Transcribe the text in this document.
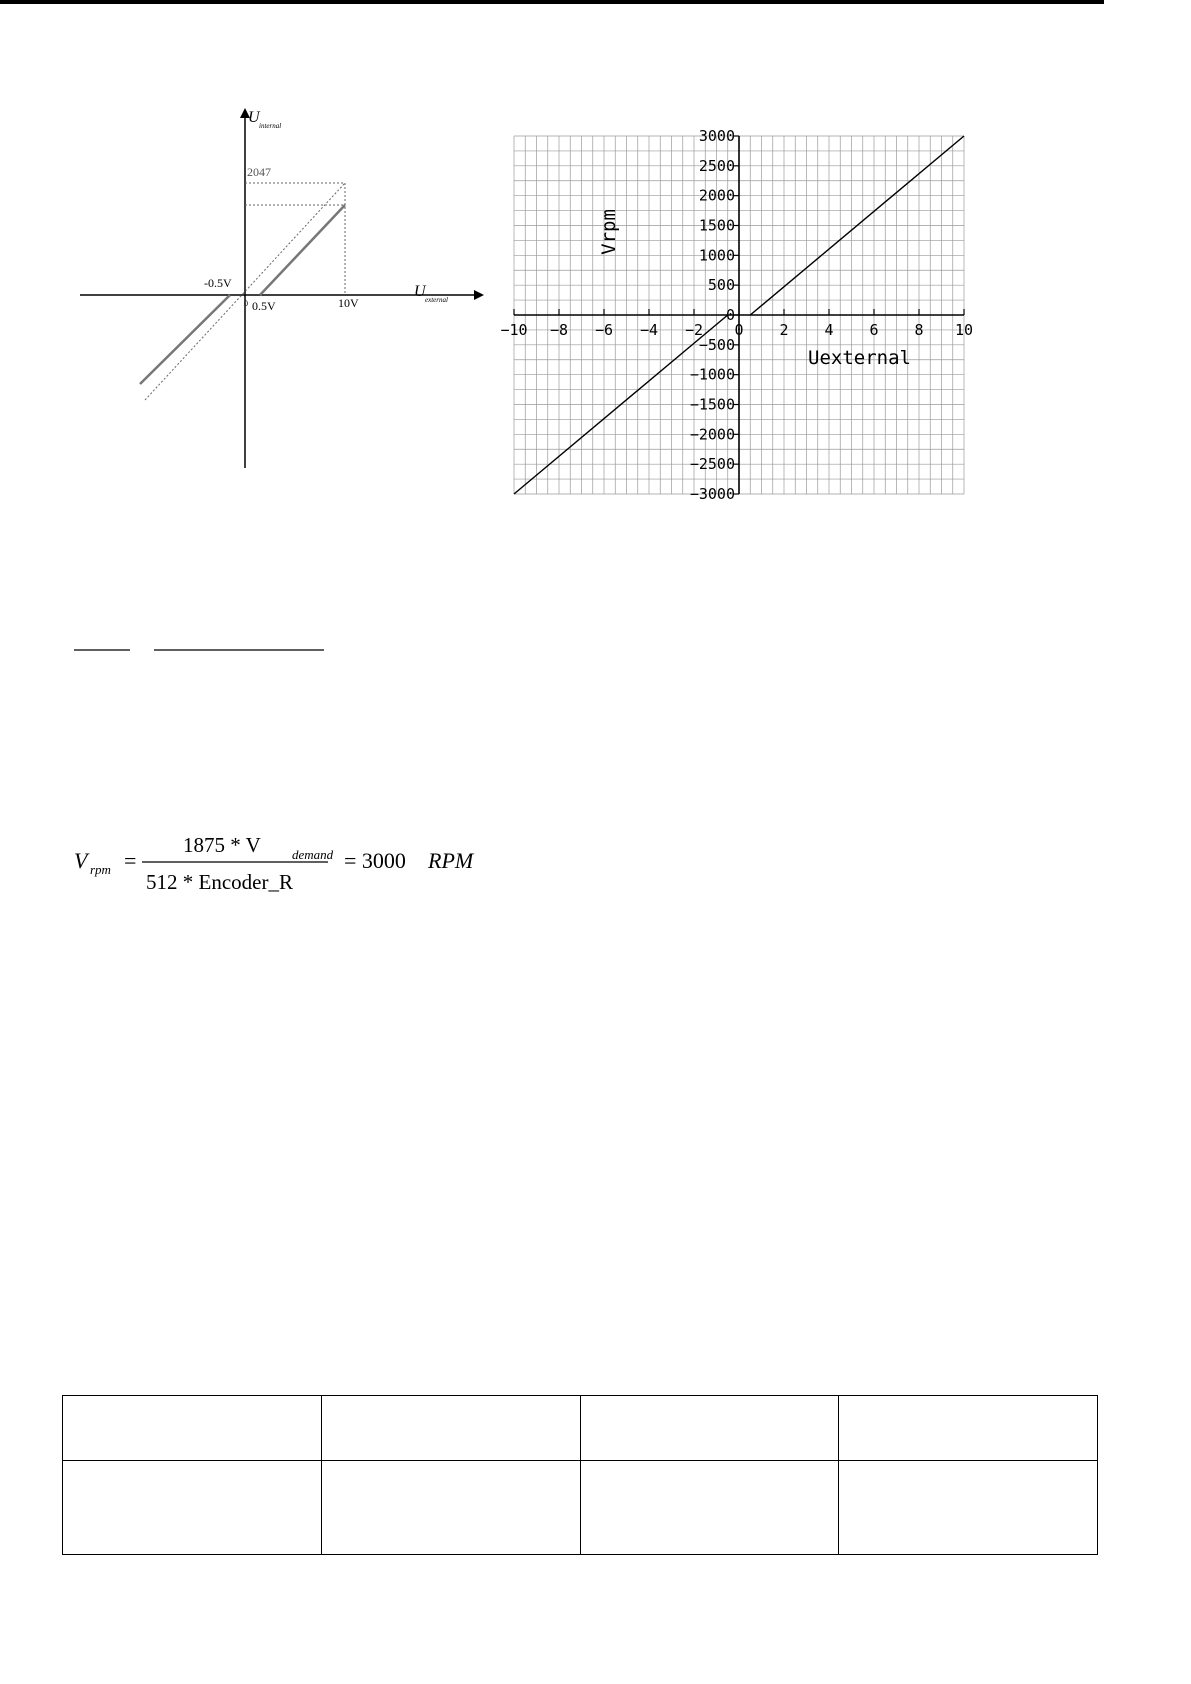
U internal
U external
2047
-0.5V
0 0.5V	10V
−10 −8 −6 −4 −2 0 2 4 6 8 10
3000
2500
2000
1500
1000
500
0
−500
−1000
−1500
−2000
−2500
−3000
Vrpm
Uexternal
V rpm =
1875 * V demand
512 * Encoder_R
= 3000 RPM
